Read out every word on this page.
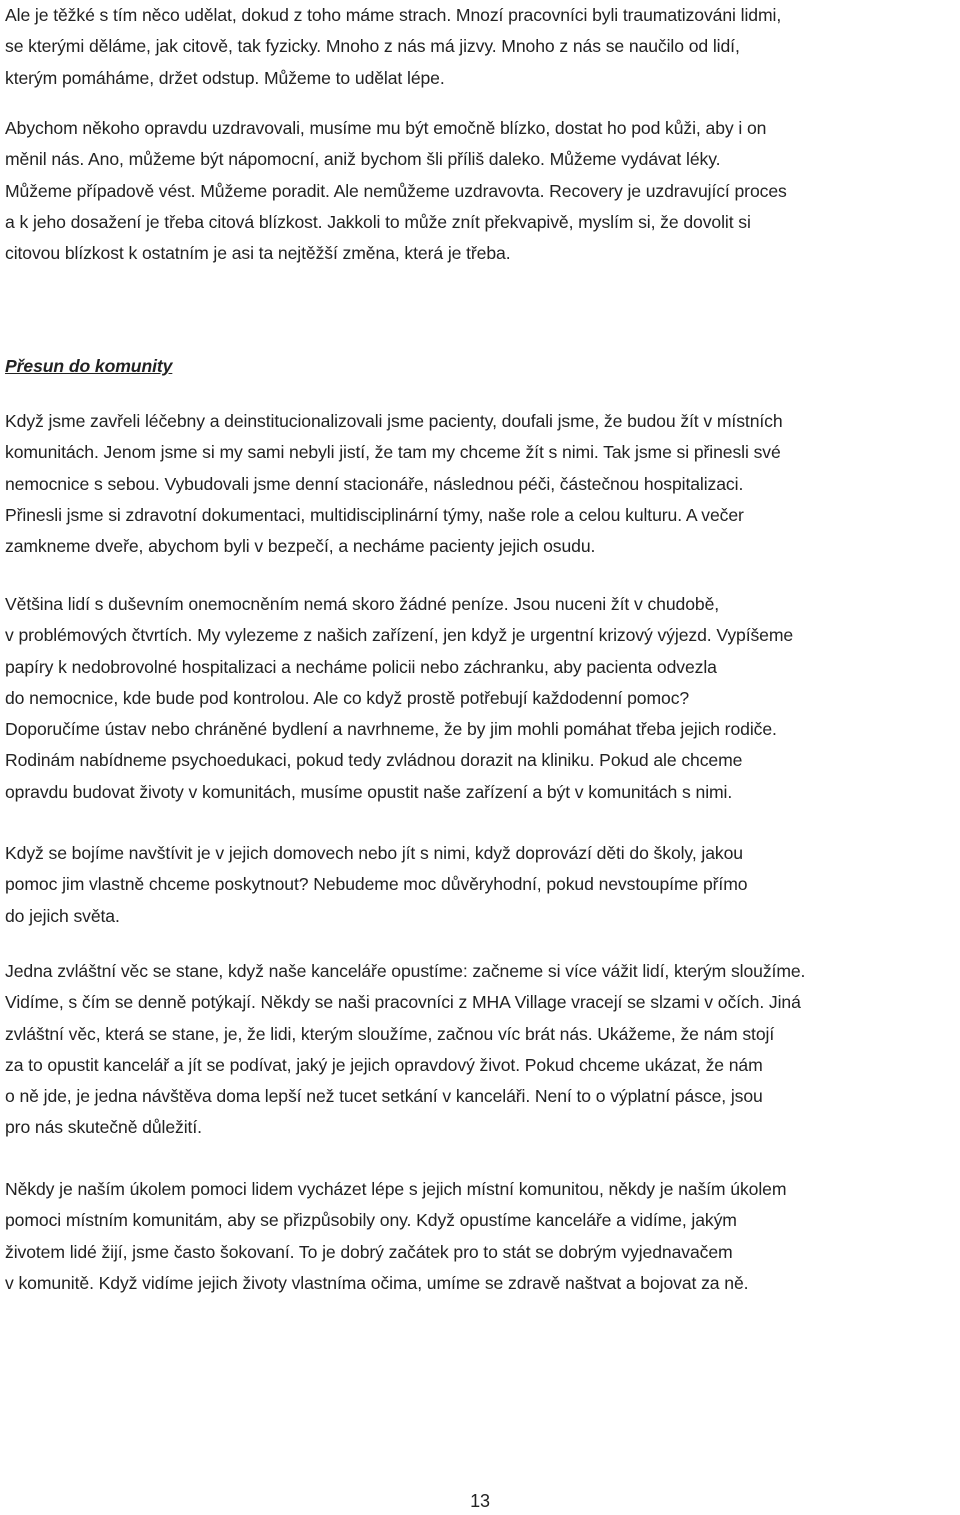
Ale je těžké s tím něco udělat, dokud z toho máme strach. Mnozí pracovníci byli traumatizováni lidmi,
se kterými děláme, jak citově, tak fyzicky. Mnoho z nás má jizvy. Mnoho z nás se naučilo od lidí,
kterým pomáháme, držet odstup. Můžeme to udělat lépe.
Abychom někoho opravdu uzdravovali, musíme mu být emočně blízko, dostat ho pod kůži, aby i on
měnil nás. Ano, můžeme být nápomocní, aniž bychom šli příliš daleko. Můžeme vydávat léky.
Můžeme případově vést. Můžeme poradit. Ale nemůžeme uzdravovta. Recovery je uzdravující proces
a k jeho dosažení je třeba citová blízkost. Jakkoli to může znít překvapivě, myslím si, že dovolit si
citovou blízkost k ostatním je asi ta nejtěžší změna, která je třeba.
Přesun do komunity
Když jsme zavřeli léčebny a deinstitucionalizovali jsme pacienty, doufali jsme, že budou žít v místních
komunitách. Jenom jsme si my sami nebyli jistí, že tam my chceme žít s nimi. Tak jsme si přinesli své
nemocnice s sebou. Vybudovali jsme denní stacionáře, následnou péči, částečnou hospitalizaci.
Přinesli jsme si zdravotní dokumentaci, multidisciplinární týmy, naše role a celou kulturu. A večer
zamkneme dveře, abychom byli v bezpečí, a necháme pacienty jejich osudu.
Většina lidí s duševním onemocněním nemá skoro žádné peníze. Jsou nuceni žít v chudobě,
v problémových čtvrtích. My vylezeme z našich zařízení, jen když je urgentní krizový výjezd. Vypíšeme
papíry k nedobrovolné hospitalizaci a necháme policii nebo záchranku, aby pacienta odvezla
do nemocnice, kde bude pod kontrolou. Ale co když prostě potřebují každodenní pomoc?
Doporučíme ústav nebo chráněné bydlení a navrhneme, že by jim mohli pomáhat třeba jejich rodiče.
Rodinám nabídneme psychoedukaci, pokud tedy zvládnou dorazit na kliniku. Pokud ale chceme
opravdu budovat životy v komunitách, musíme opustit naše zařízení a být v komunitách s nimi.
Když se bojíme navštívit je v jejich domovech nebo jít s nimi, když doprovází děti do školy, jakou
pomoc jim vlastně chceme poskytnout? Nebudeme moc důvěryhodní, pokud nevstoupíme přímo
do jejich světa.
Jedna zvláštní věc se stane, když naše kanceláře opustíme: začneme si více vážit lidí, kterým sloužíme.
Vidíme, s čím se denně potýkají. Někdy se naši pracovníci z MHA Village vracejí se slzami v očích. Jiná
zvláštní věc, která se stane, je, že lidi, kterým sloužíme, začnou víc brát nás. Ukážeme, že nám stojí
za to opustit kancelář a jít se podívat, jaký je jejich opravdový život. Pokud chceme ukázat, že nám
o ně jde, je jedna návštěva doma lepší než tucet setkání v kanceláři. Není to o výplatní pásce, jsou
pro nás skutečně důležití.
Někdy je naším úkolem pomoci lidem vycházet lépe s jejich místní komunitou, někdy je naším úkolem
pomoci místním komunitám, aby se přizpůsobily ony. Když opustíme kanceláře a vidíme, jakým
životem lidé žijí, jsme často šokovaní. To je dobrý začátek pro to stát se dobrým vyjednavačem
v komunitě. Když vidíme jejich životy vlastníma očima, umíme se zdravě naštvat a bojovat za ně.
13
